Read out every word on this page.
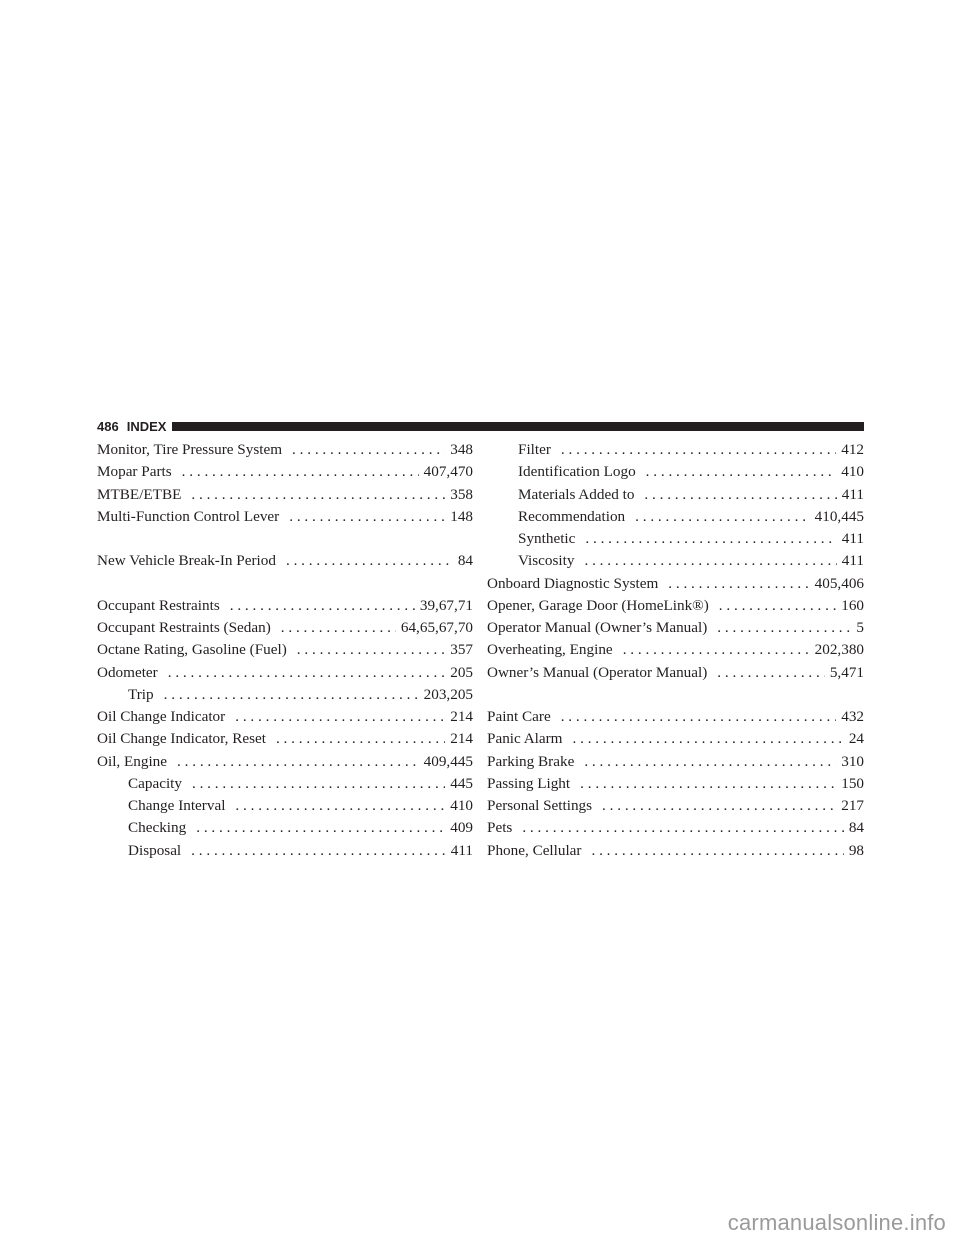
486 INDEX
Monitor, Tire Pressure System . . .	348
Mopar Parts . . .	407,470
MTBE/ETBE . . .	358
Multi-Function Control Lever . . .	148
New Vehicle Break-In Period . . .	84
Occupant Restraints . . .	39,67,71
Occupant Restraints (Sedan) . . .	64,65,67,70
Octane Rating, Gasoline (Fuel) . . .	357
Odometer . . .	205
Trip . . .	203,205
Oil Change Indicator . . .	214
Oil Change Indicator, Reset . . .	214
Oil, Engine . . .	409,445
Capacity . . .	445
Change Interval . . .	410
Checking . . .	409
Disposal . . .	411
Filter . . .	412
Identification Logo . . .	410
Materials Added to . . .	411
Recommendation . . .	410,445
Synthetic . . .	411
Viscosity . . .	411
Onboard Diagnostic System . . .	405,406
Opener, Garage Door (HomeLink®) . . .	160
Operator Manual (Owner’s Manual) . . .	5
Overheating, Engine . . .	202,380
Owner’s Manual (Operator Manual) . . .	5,471
Paint Care . . .	432
Panic Alarm . . .	24
Parking Brake . . .	310
Passing Light . . .	150
Personal Settings . . .	217
Pets . . .	84
Phone, Cellular . . .	98
carmanualsonline.info
